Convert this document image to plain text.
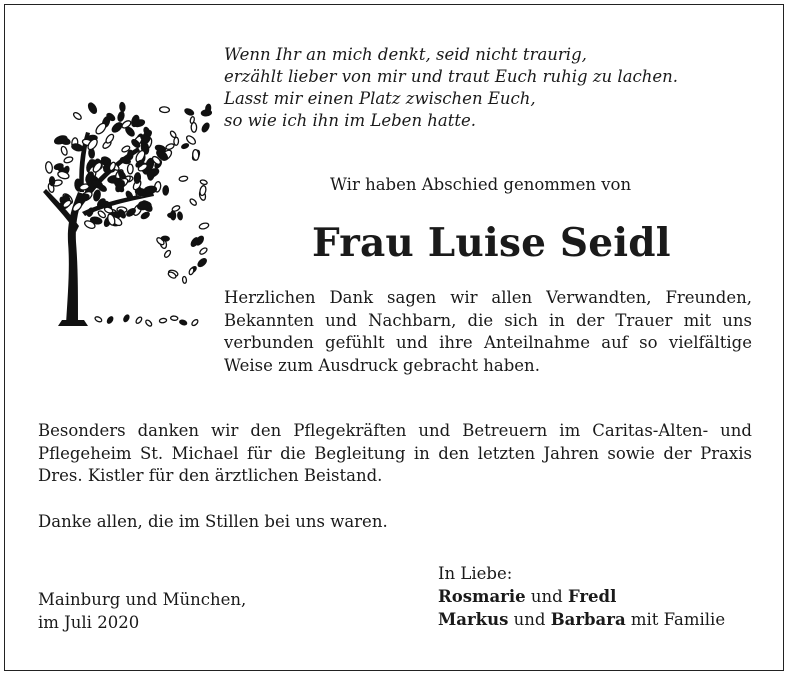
Wenn Ihr an mich denkt, seid nicht traurig,
erzählt lieber von mir und traut Euch ruhig zu lachen.
Lasst mir einen Platz zwischen Euch,
so wie ich ihn im Leben hatte.
Wir haben Abschied genommen von
Frau Luise Seidl
Herzlichen Dank sagen wir allen Verwandten, Freunden, Bekannten und Nachbarn, die sich in der Trauer mit uns verbunden gefühlt und ihre Anteilnahme auf so vielfältige Weise zum Ausdruck gebracht haben.
Besonders danken wir den Pflegekräften und Betreuern im Caritas-Alten- und Pflegeheim St. Michael für die Begleitung in den letzten Jahren sowie der Praxis Dres. Kistler für den ärztlichen Beistand.
Danke allen, die im Stillen bei uns waren.
Mainburg und München,
im Juli 2020
In Liebe:
Rosmarie und Fredl
Markus und Barbara mit Familie
